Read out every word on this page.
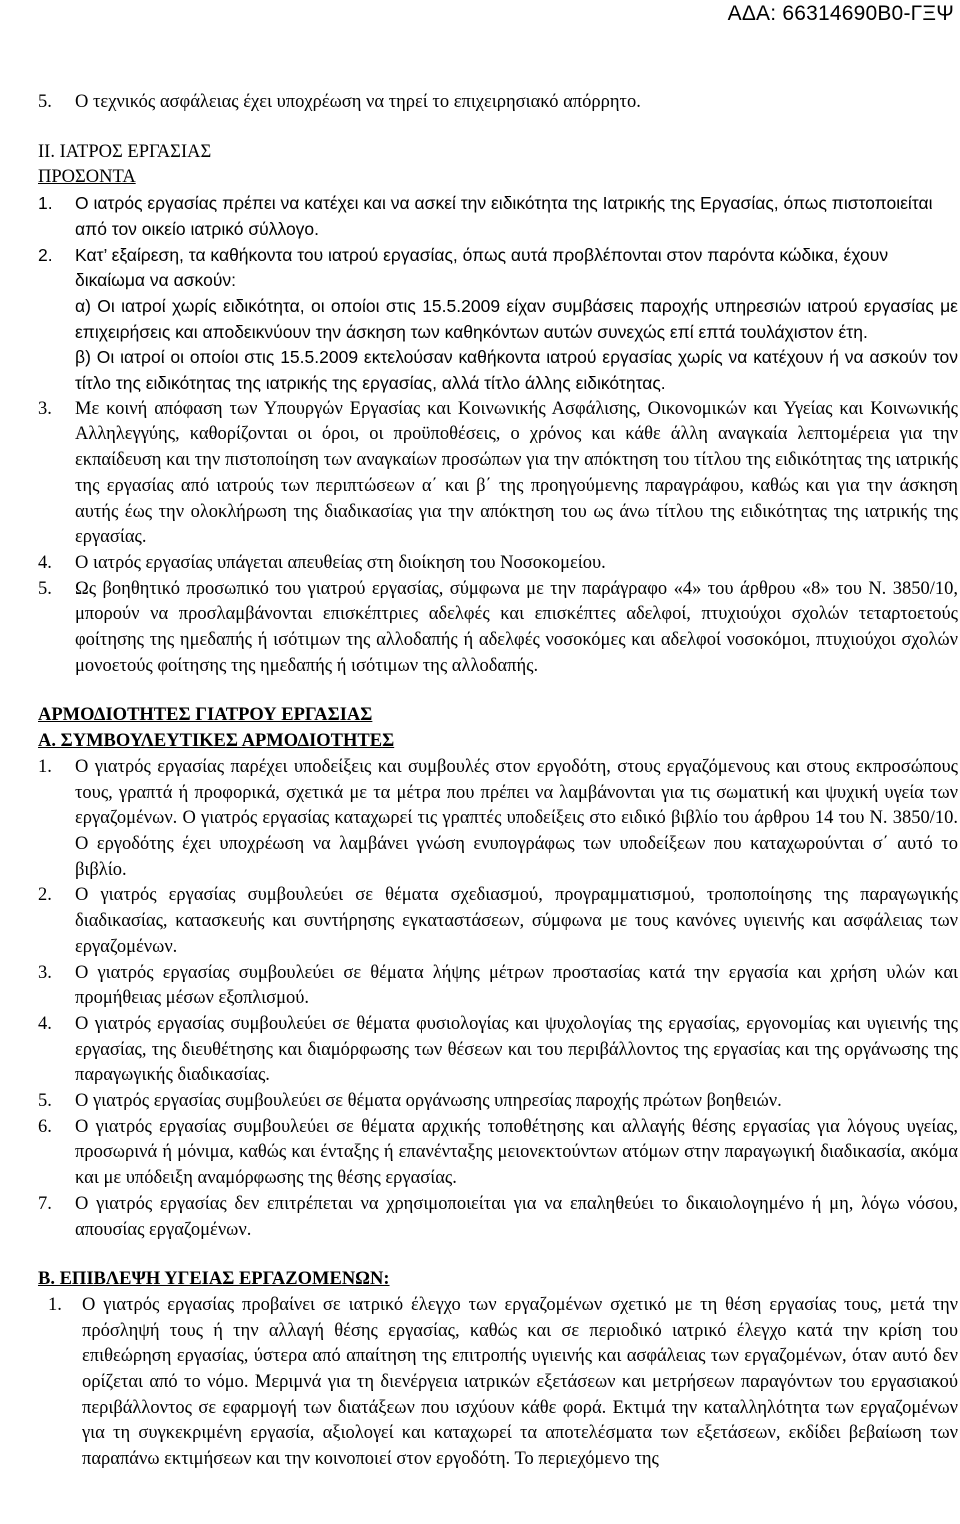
ΑΔΑ: 66314690Β0-ΓΞΨ
5. Ο τεχνικός ασφάλειας έχει υποχρέωση να τηρεί το επιχειρησιακό απόρρητο.
II. ΙΑΤΡΟΣ ΕΡΓΑΣΙΑΣ
ΠΡΟΣΟΝΤΑ
1. Ο ιατρός εργασίας πρέπει να κατέχει και να ασκεί την ειδικότητα της Ιατρικής της Εργασίας, όπως πιστοποιείται από τον οικείο ιατρικό σύλλογο.
2. Κατ’ εξαίρεση, τα καθήκοντα του ιατρού εργασίας, όπως αυτά προβλέπονται στον παρόντα κώδικα, έχουν δικαίωμα να ασκούν:
α) Οι ιατροί χωρίς ειδικότητα, οι οποίοι στις 15.5.2009 είχαν συμβάσεις παροχής υπηρεσιών ιατρού εργασίας με επιχειρήσεις και αποδεικνύουν την άσκηση των καθηκόντων αυτών συνεχώς επί επτά τουλάχιστον έτη.
β) Οι ιατροί οι οποίοι στις 15.5.2009 εκτελούσαν καθήκοντα ιατρού εργασίας χωρίς να κατέχουν ή να ασκούν τον τίτλο της ειδικότητας της ιατρικής της εργασίας, αλλά τίτλο άλλης ειδικότητας.
3. Με κοινή απόφαση των Υπουργών Εργασίας και Κοινωνικής Ασφάλισης, Οικονομικών και Υγείας και Κοινωνικής Αλληλεγγύης, καθορίζονται οι όροι, οι προϋποθέσεις, ο χρόνος και κάθε άλλη αναγκαία λεπτομέρεια για την εκπαίδευση και την πιστοποίηση των αναγκαίων προσώπων για την απόκτηση του τίτλου της ειδικότητας της ιατρικής της εργασίας από ιατρούς των περιπτώσεων α΄ και β΄ της προηγούμενης παραγράφου, καθώς και για την άσκηση αυτής έως την ολοκλήρωση της διαδικασίας για την απόκτηση του ως άνω τίτλου της ειδικότητας της ιατρικής της εργασίας.
4. Ο ιατρός εργασίας υπάγεται απευθείας στη διοίκηση του Νοσοκομείου.
5. Ως βοηθητικό προσωπικό του γιατρού εργασίας, σύμφωνα με την παράγραφο «4» του άρθρου «8» του Ν. 3850/10, μπορούν να προσλαμβάνονται επισκέπτριες αδελφές και επισκέπτες αδελφοί, πτυχιούχοι σχολών τεταρτοετούς φοίτησης της ημεδαπής ή ισότιμων της αλλοδαπής ή αδελφές νοσοκόμες και αδελφοί νοσοκόμοι, πτυχιούχοι σχολών μονοετούς φοίτησης της ημεδαπής ή ισότιμων της αλλοδαπής.
ΑΡΜΟΔΙΟΤΗΤΕΣ ΓΙΑΤΡΟΥ ΕΡΓΑΣΙΑΣ
Α. ΣΥΜΒΟΥΛΕΥΤΙΚΕΣ ΑΡΜΟΔΙΟΤΗΤΕΣ
1. Ο γιατρός εργασίας παρέχει υποδείξεις και συμβουλές στον εργοδότη, στους εργαζόμενους και στους εκπροσώπους τους, γραπτά ή προφορικά, σχετικά με τα μέτρα που πρέπει να λαμβάνονται για τις σωματική και ψυχική υγεία των εργαζομένων. Ο γιατρός εργασίας καταχωρεί τις γραπτές υποδείξεις στο ειδικό βιβλίο του άρθρου 14 του Ν. 3850/10. Ο εργοδότης έχει υποχρέωση να λαμβάνει γνώση ενυπογράφως των υποδείξεων που καταχωρούνται σ΄ αυτό το βιβλίο.
2. Ο γιατρός εργασίας συμβουλεύει σε θέματα σχεδιασμού, προγραμματισμού, τροποποίησης της παραγωγικής διαδικασίας, κατασκευής και συντήρησης εγκαταστάσεων, σύμφωνα με τους κανόνες υγιεινής και ασφάλειας των εργαζομένων.
3. Ο γιατρός εργασίας συμβουλεύει σε θέματα λήψης μέτρων προστασίας κατά την εργασία και χρήση υλών και προμήθειας μέσων εξοπλισμού.
4. Ο γιατρός εργασίας συμβουλεύει σε θέματα φυσιολογίας και ψυχολογίας της εργασίας, εργονομίας και υγιεινής της εργασίας, της διευθέτησης και διαμόρφωσης των θέσεων και του περιβάλλοντος της εργασίας και της οργάνωσης της παραγωγικής διαδικασίας.
5. Ο γιατρός εργασίας συμβουλεύει σε θέματα οργάνωσης υπηρεσίας παροχής πρώτων βοηθειών.
6. Ο γιατρός εργασίας συμβουλεύει σε θέματα αρχικής τοποθέτησης και αλλαγής θέσης εργασίας για λόγους υγείας, προσωρινά ή μόνιμα, καθώς και ένταξης ή επανένταξης μειονεκτούντων ατόμων στην παραγωγική διαδικασία, ακόμα και με υπόδειξη αναμόρφωσης της θέσης εργασίας.
7. Ο γιατρός εργασίας δεν επιτρέπεται να χρησιμοποιείται για να επαληθεύει το δικαιολογημένο ή μη, λόγω νόσου, απουσίας εργαζομένων.
Β. ΕΠΙΒΛΕΨΗ ΥΓΕΙΑΣ ΕΡΓΑΖΟΜΕΝΩΝ:
1. Ο γιατρός εργασίας προβαίνει σε ιατρικό έλεγχο των εργαζομένων σχετικό με τη θέση εργασίας τους, μετά την πρόσληψή τους ή την αλλαγή θέσης εργασίας, καθώς και σε περιοδικό ιατρικό έλεγχο κατά την κρίση του επιθεώρηση εργασίας, ύστερα από απαίτηση της επιτροπής υγιεινής και ασφάλειας των εργαζομένων, όταν αυτό δεν ορίζεται από το νόμο. Μεριμνά για τη διενέργεια ιατρικών εξετάσεων και μετρήσεων παραγόντων του εργασιακού περιβάλλοντος σε εφαρμογή των διατάξεων που ισχύουν κάθε φορά. Εκτιμά την καταλληλότητα των εργαζομένων για τη συγκεκριμένη εργασία, αξιολογεί και καταχωρεί τα αποτελέσματα των εξετάσεων, εκδίδει βεβαίωση των παραπάνω εκτιμήσεων και την κοινοποιεί στον εργοδότη. Το περιεχόμενο της
